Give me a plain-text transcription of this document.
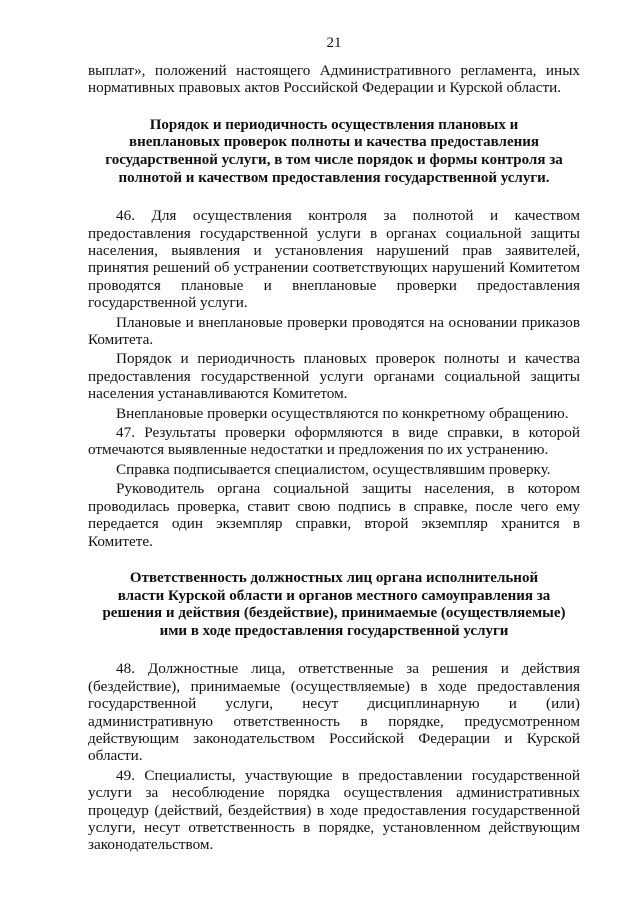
21

выплат», положений настоящего Административного регламента, иных нормативных правовых актов Российской Федерации и Курской области.

Порядок и периодичность осуществления плановых и
внеплановых проверок полноты и качества предоставления
государственной услуги, в том числе порядок и формы контроля за
полнотой и качеством предоставления государственной услуги.

46. Для осуществления контроля за полнотой и качеством предоставления государственной услуги в органах социальной защиты населения, выявления и установления нарушений прав заявителей, принятия решений об устранении соответствующих нарушений Комитетом проводятся плановые и внеплановые проверки предоставления государственной услуги.

Плановые и внеплановые проверки проводятся на основании приказов Комитета.

Порядок и периодичность плановых проверок полноты и качества предоставления государственной услуги органами социальной защиты населения устанавливаются Комитетом.

Внеплановые проверки осуществляются по конкретному обращению.

47. Результаты проверки оформляются в виде справки, в которой отмечаются выявленные недостатки и предложения по их устранению.

Справка подписывается специалистом, осуществлявшим проверку.

Руководитель органа социальной защиты населения, в котором проводилась проверка, ставит свою подпись в справке, после чего ему передается один экземпляр справки, второй экземпляр хранится в Комитете.

Ответственность должностных лиц органа исполнительной
власти Курской области и органов местного самоуправления за
решения и действия (бездействие), принимаемые (осуществляемые)
ими в ходе предоставления государственной услуги

48. Должностные лица, ответственные за решения и действия (бездействие), принимаемые (осуществляемые) в ходе предоставления государственной услуги, несут дисциплинарную и (или) административную ответственность в порядке, предусмотренном действующим законодательством Российской Федерации и Курской области.

49. Специалисты, участвующие в предоставлении государственной услуги за несоблюдение порядка осуществления административных процедур (действий, бездействия) в ходе предоставления государственной услуги, несут ответственность в порядке, установленном действующим законодательством.
